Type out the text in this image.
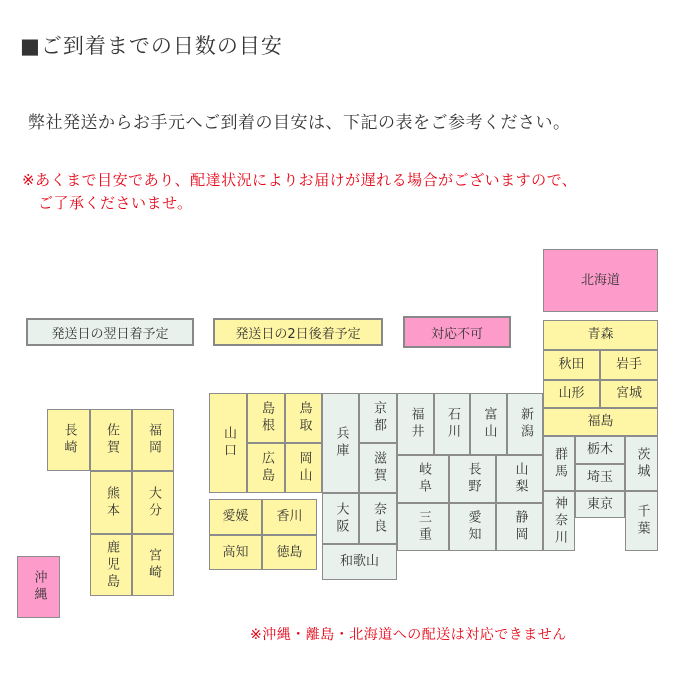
■ご到着までの日数の目安
弊社発送からお手元へご到着の目安は、下記の表をご参考ください。
※あくまで目安であり、配達状況によりお届けが遅れる場合がございますので、
ご了承くださいませ。
発送日の翌日着予定	発送日の2日後着予定	対応不可
北海道
青森
秋田	岩手
山形	宮城
福島
群馬	栃木	茨城
埼玉
東京
神奈川	千葉
新潟
富山
石川
福井
岐阜	長野	山梨
三重	愛知	静岡
京都
兵庫
滋賀
大阪	奈良
和歌山
山口
島根	鳥取
広島	岡山
愛媛	香川
高知	徳島
長崎	佐賀	福岡
熊本	大分
鹿児島	宮崎
沖縄
※沖縄・離島・北海道への配送は対応できません
